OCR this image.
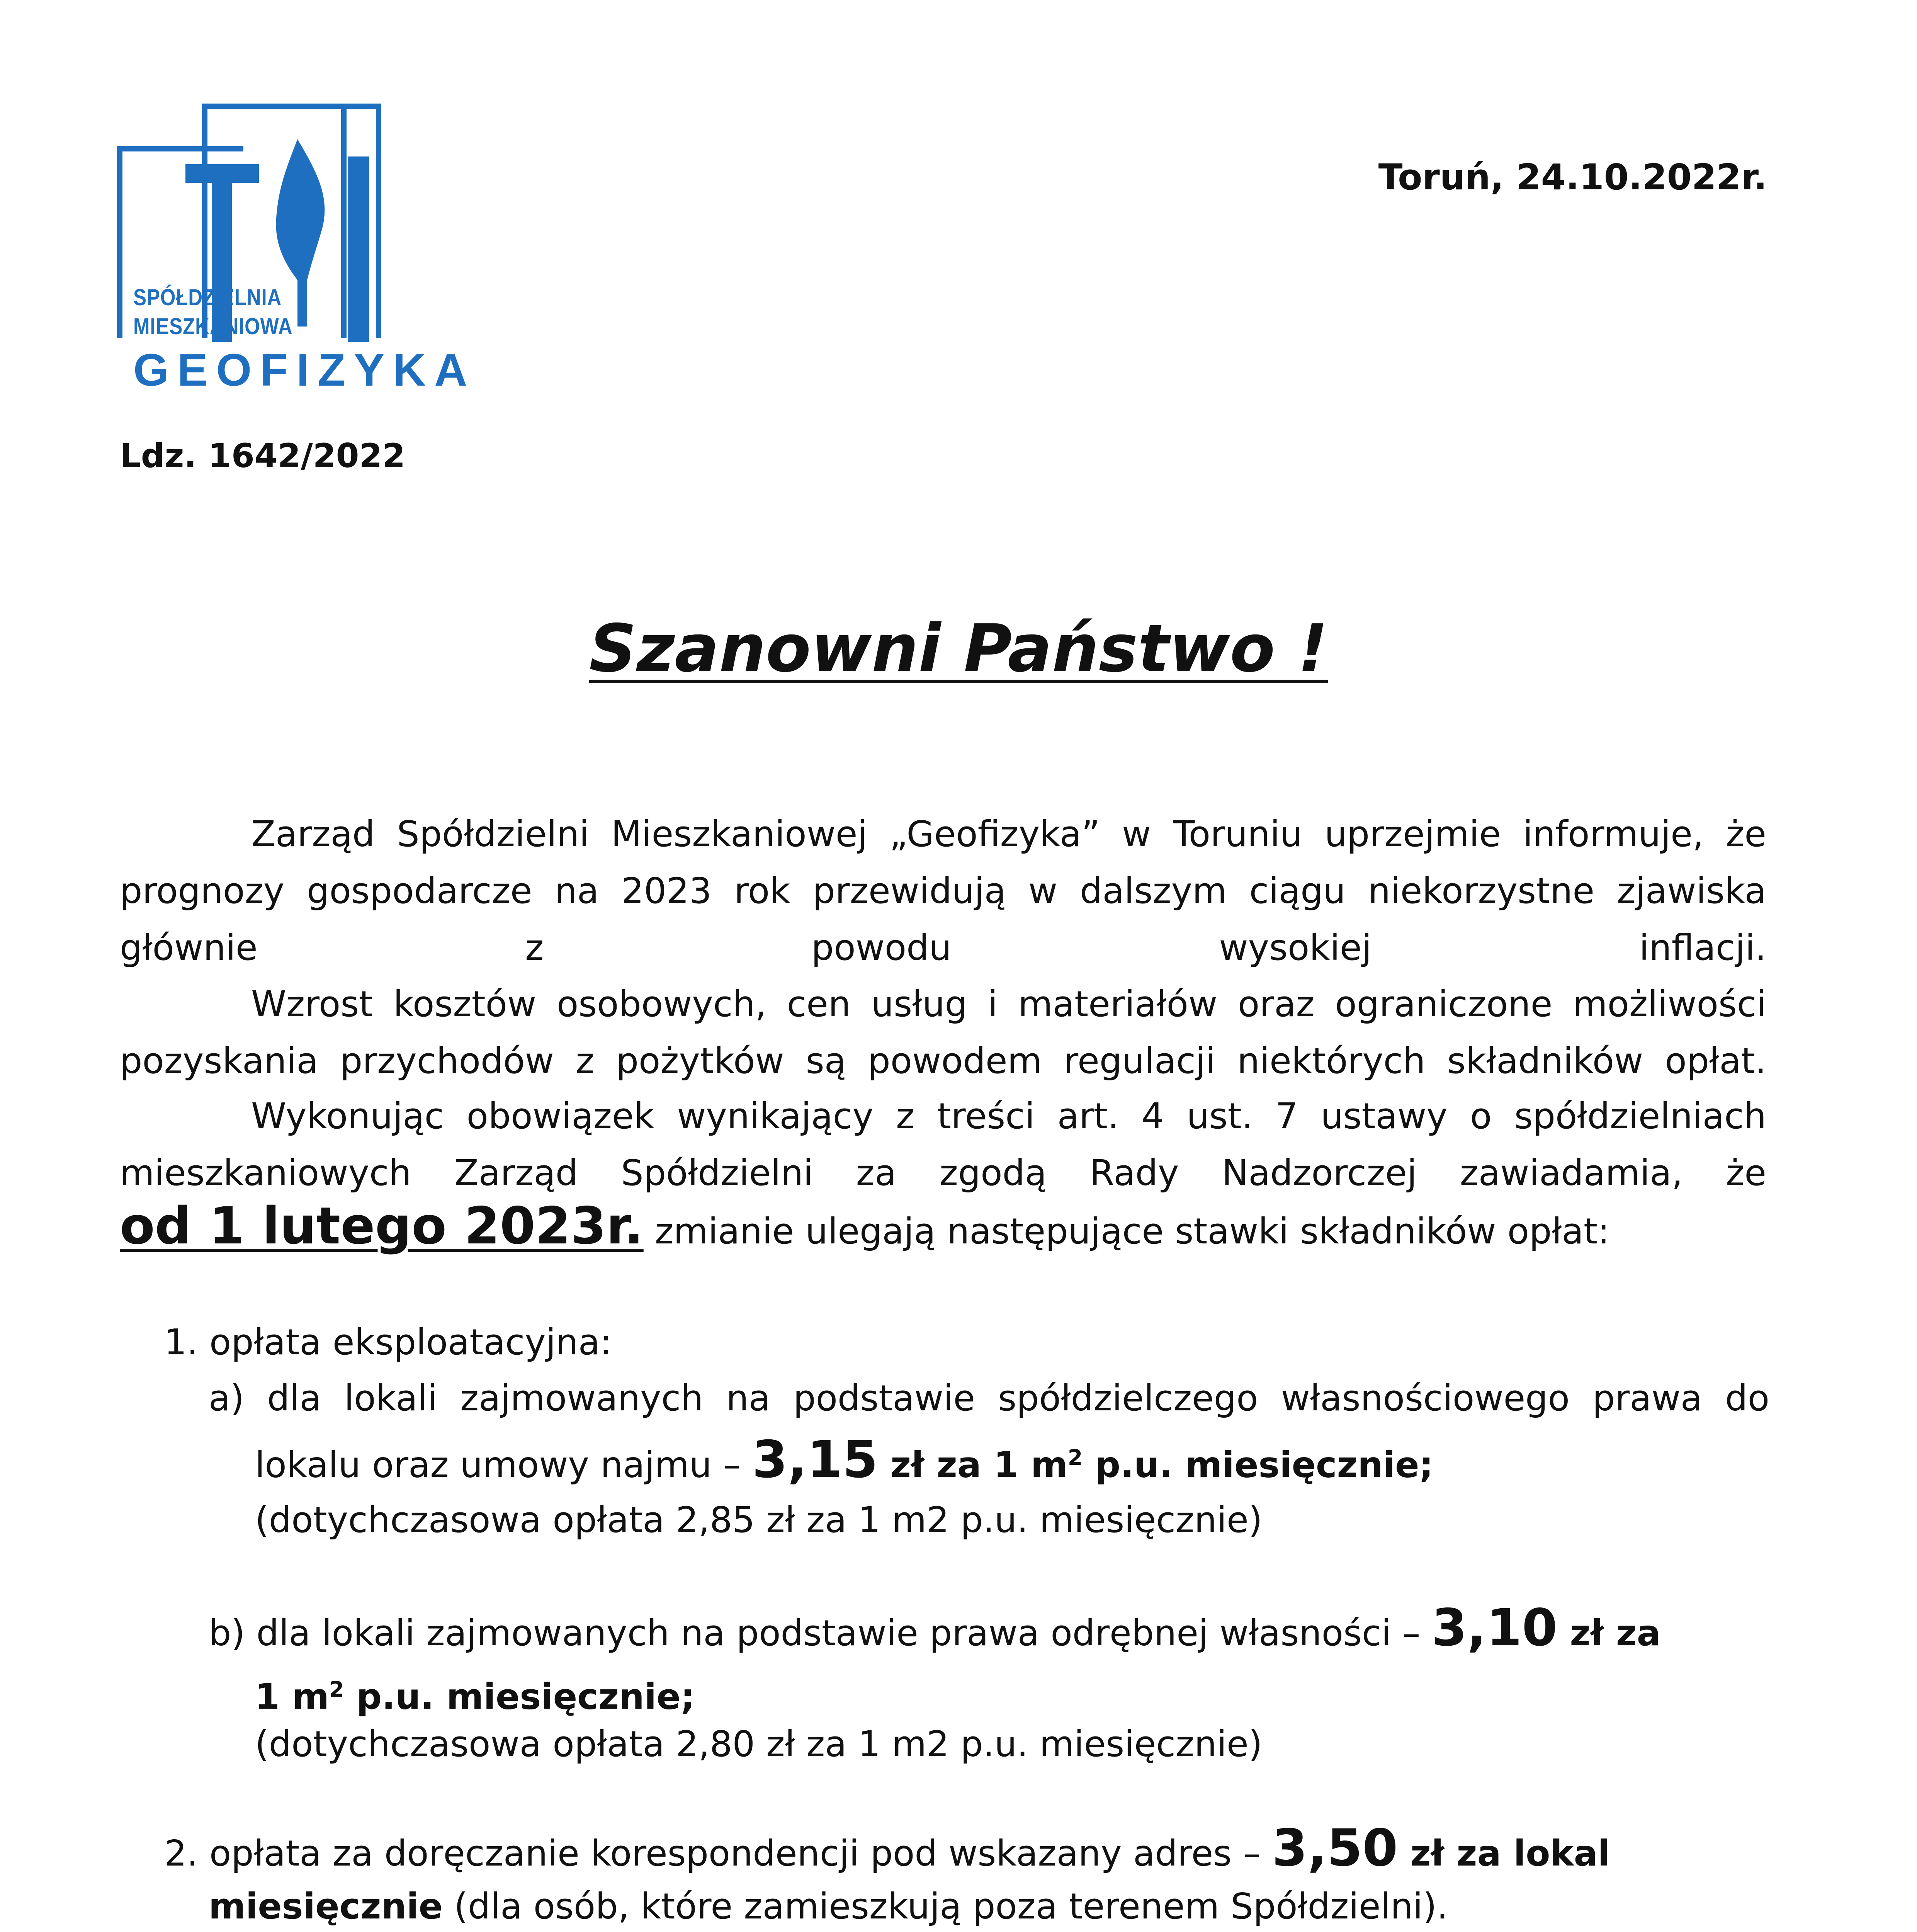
SPÓŁDZIELNIA
MIESZKANIOWA
GEOFIZYKA
Toruń, 24.10.2022r.
Ldz. 1642/2022
Szanowni Państwo !
Zarząd Spółdzielni Mieszkaniowej „Geofizyka” w Toruniu uprzejmie informuje, że prognozy gospodarcze na 2023 rok przewidują w dalszym ciągu niekorzystne zjawiska głównie z powodu wysokiej inflacji.
Wzrost kosztów osobowych, cen usług i materiałów oraz ograniczone możliwości pozyskania przychodów z pożytków są powodem regulacji niektórych składników opłat.
Wykonując obowiązek wynikający z treści art. 4 ust. 7 ustawy o spółdzielniach mieszkaniowych Zarząd Spółdzielni za zgodą Rady Nadzorczej zawiadamia, że
od 1 lutego 2023r. zmianie ulegają następujące stawki składników opłat:
1. opłata eksploatacyjna:
a) dla lokali zajmowanych na podstawie spółdzielczego własnościowego prawa do
lokalu oraz umowy najmu – 3,15 zł za 1 $m^2$ p.u. miesięcznie;
(dotychczasowa opłata 2,85 zł za 1 m2 p.u. miesięcznie)
b) dla lokali zajmowanych na podstawie prawa odrębnej własności – 3,10 zł za
1 $m^2$ p.u. miesięcznie;
(dotychczasowa opłata 2,80 zł za 1 m2 p.u. miesięcznie)
2. opłata za doręczanie korespondencji pod wskazany adres – 3,50 zł za lokal
miesięcznie (dla osób, które zamieszkują poza terenem Spółdzielni).
